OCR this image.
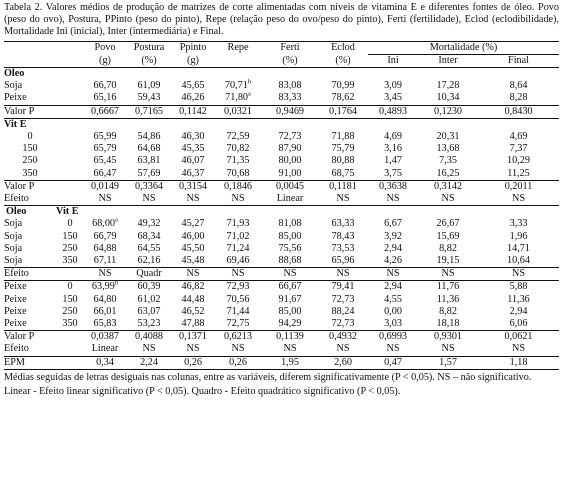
Tabela 2. Valores médios de produção de matrizes de corte alimentadas com níveis de vitamina E e diferentes fontes de óleo. Povo (peso do ovo), Postura, PPinto (peso do pinto), Repe (relação peso do ovo/peso do pinto), Ferti (fertilidade), Eclod (eclodibilidade), Mortalidade Ini (inicial), Inter (intermediária) e Final.

		Povo	Postura	Ppinto	Repe	Ferti	Eclod	Mortalidade (%)		
		(g)	(%)	(g)		(%)	(%)	Ini	Inter	Final
Oleo										
Soja		66,70	61,09	45,65	70,71$^b$	83,08	70,99	3,09	17,28	8,64
Peixe		65,16	59,43	46,26	71,80$^a$	83,33	78,62	3,45	10,34	8,28
Valor P		0,6667	0,7165	0,1142	0,0321	0,9469	0,1764	0,4893	0,1230	0,8430
Vit E										
0		65,99	54,86	46,30	72,59	72,73	71,88	4,69	20,31	4,69
150		65,79	64,68	45,35	70,82	87,90	75,79	3,16	13,68	7,37
250		65,45	63,81	46,07	71,35	80,00	80,88	1,47	7,35	10,29
350		66,47	57,69	46,37	70,68	91,00	68,75	3,75	16,25	11,25
Valor P		0,0149	0,3364	0,3154	0,1846	0,0045	0,1181	0,3638	0,3142	0,2011
Efeito		NS	NS	NS	NS	Linear	NS	NS	NS	NS
Oleo	Vit E									
Soja	0	68,00$^a$	49,32	45,27	71,93	81,08	63,33	6,67	26,67	3,33
Soja	150	66,79	68,34	46,00	71,02	85,00	78,43	3,92	15,69	1,96
Soja	250	64,88	64,55	45,50	71,24	75,56	73,53	2,94	8,82	14,71
Soja	350	67,11	62,16	45,48	69,46	88,68	65,96	4,26	19,15	10,64
Efeito		NS	Quadr	NS	NS	NS	NS	NS	NS	NS
Peixe	0	63,99$^b$	60,39	46,82	72,93	66,67	79,41	2,94	11,76	5,88
Peixe	150	64,80	61,02	44,48	70,56	91,67	72,73	4,55	11,36	11,36
Peixe	250	66,01	63,07	46,52	71,44	85,00	88,24	0,00	8,82	2,94
Peixe	350	65,83	53,23	47,88	72,75	94,29	72,73	3,03	18,18	6,06
Valor P		0,0387	0,4088	0,1371	0,6213	0,1139	0,4932	0,6993	0,9301	0,0621
Efeito		Linear	NS	NS	NS	NS	NS	NS	NS	NS
EPM		0,34	2,24	0,26	0,26	1,95	2,60	0,47	1,57	1,18

Médias seguidas de letras desiguais nas colunas, entre as variáveis, diferem significativamente (P < 0,05). NS – não significativo.

Linear - Efeito linear significativo (P < 0,05). Quadro - Efeito quadrático significativo (P < 0,05).
